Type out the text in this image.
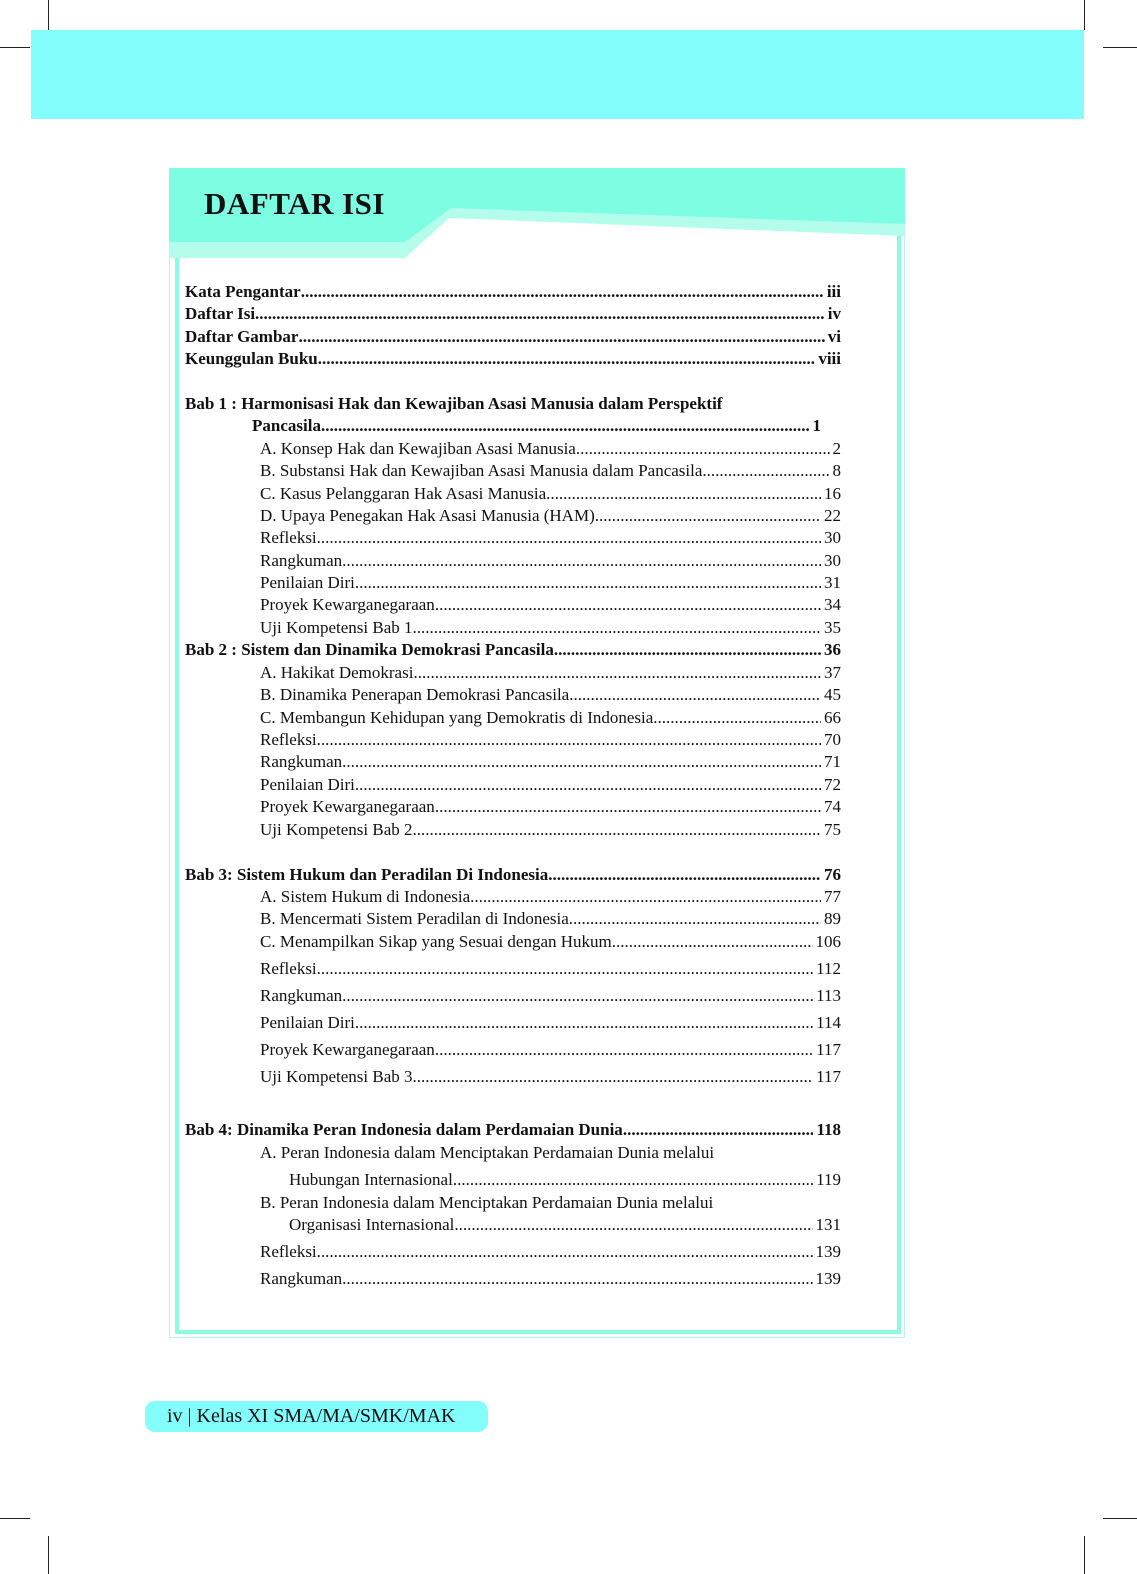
DAFTAR ISI
Kata Pengantar .....	iii
Daftar Isi .....	iv
Daftar Gambar .....	vi
Keunggulan Buku .....	viii
Bab 1 : Harmonisasi Hak dan Kewajiban Asasi Manusia dalam Perspektif
Pancasila .....	1
A. Konsep Hak dan Kewajiban Asasi Manusia .....	2
B. Substansi Hak dan Kewajiban Asasi Manusia dalam Pancasila .....	8
C. Kasus Pelanggaran Hak Asasi Manusia .....	16
D. Upaya Penegakan Hak Asasi Manusia (HAM) .....	22
Refleksi .....	30
Rangkuman .....	30
Penilaian Diri .....	31
Proyek Kewarganegaraan .....	34
Uji Kompetensi Bab 1 .....	35
Bab 2 : Sistem dan Dinamika Demokrasi Pancasila .....	36
A. Hakikat Demokrasi .....	37
B. Dinamika Penerapan Demokrasi Pancasila .....	45
C. Membangun Kehidupan yang Demokratis di Indonesia .....	66
Refleksi .....	70
Rangkuman .....	71
Penilaian Diri .....	72
Proyek Kewarganegaraan .....	74
Uji Kompetensi Bab 2 .....	75
Bab 3: Sistem Hukum dan Peradilan Di Indonesia .....	76
A. Sistem Hukum di Indonesia .....	77
B. Mencermati Sistem Peradilan di Indonesia .....	89
C. Menampilkan Sikap yang Sesuai dengan Hukum .....	106
Refleksi .....	112
Rangkuman .....	113
Penilaian Diri .....	114
Proyek Kewarganegaraan .....	117
Uji Kompetensi Bab 3 .....	117
Bab 4: Dinamika Peran Indonesia dalam Perdamaian Dunia .....	118
A. Peran Indonesia dalam Menciptakan Perdamaian Dunia melalui
Hubungan Internasional .....	119
B. Peran Indonesia dalam Menciptakan Perdamaian Dunia melalui
Organisasi Internasional .....	131
Refleksi .....	139
Rangkuman .....	139
iv | Kelas XI SMA/MA/SMK/MAK
